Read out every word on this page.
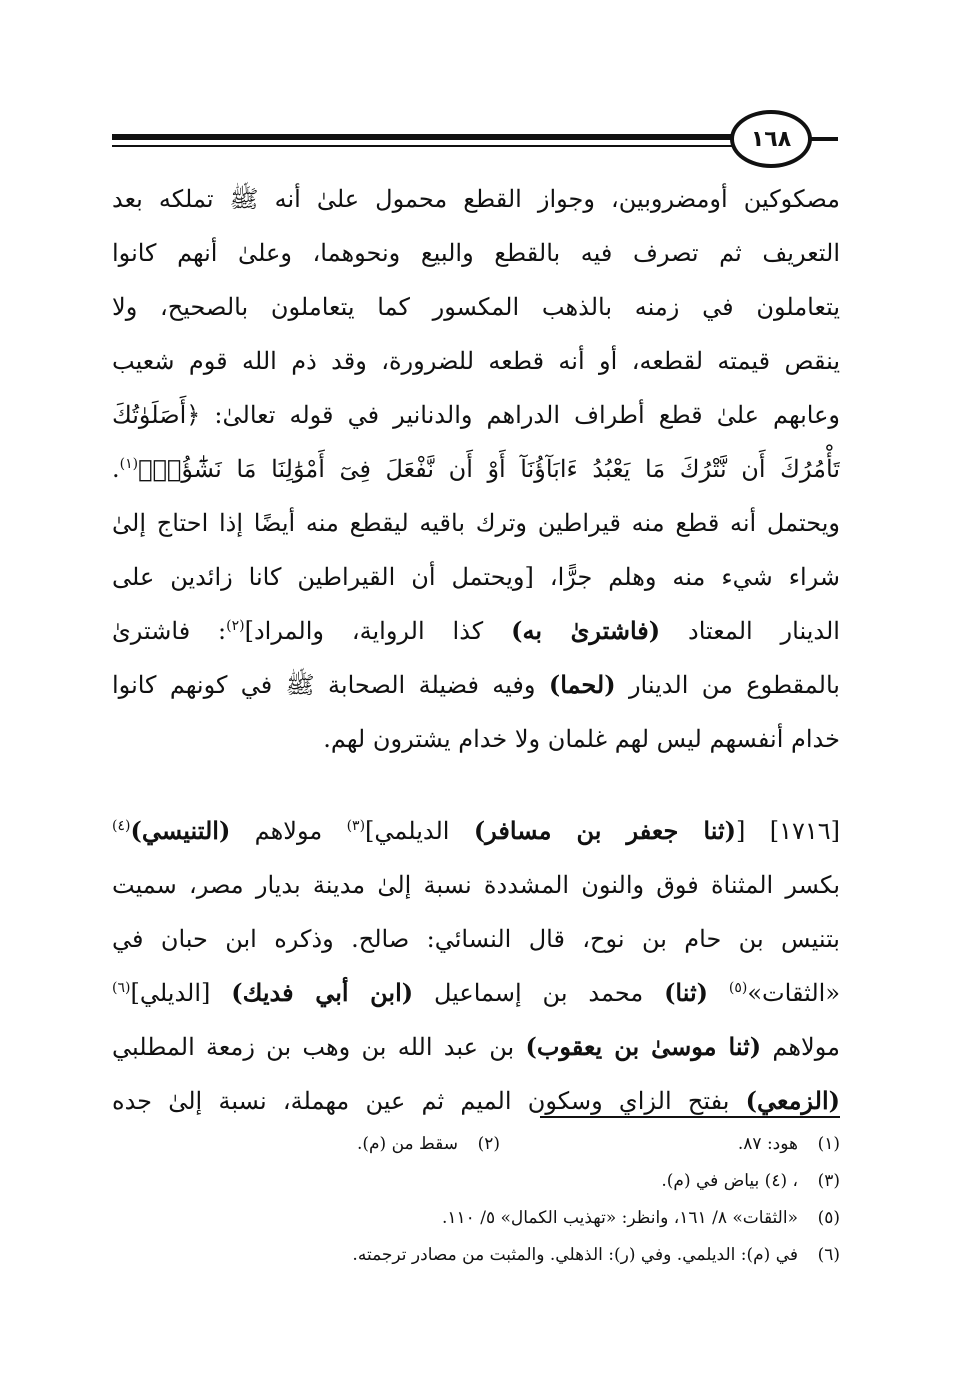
١٦٨

مصكوكين أومضروبين، وجواز القطع محمول علىٰ أنه ﷺ تملكه بعد
التعريف ثم تصرف فيه بالقطع والبيع ونحوهما، وعلىٰ أنهم كانوا
يتعاملون في زمنه بالذهب المكسور كما يتعاملون بالصحيح، ولا
ينقص قيمته لقطعه، أو أنه قطعه للضرورة، وقد ذم الله قوم شعيب
وعابهم علىٰ قطع أطراف الدراهم والدنانير في قوله تعالىٰ: ﴿أَصَلَوٰتُكَ
تَأْمُرُكَ أَن نَّتْرُكَ مَا يَعْبُدُ ءَابَآؤُنَآ أَوْ أَن نَّفْعَلَ فِىٓ أَمْوَٰلِنَا مَا نَشَٰٓؤُا۟﴾$^{(١)}$.
ويحتمل أنه قطع منه قيراطين وترك باقيه ليقطع منه أيضًا إذا احتاج إلىٰ
شراء شيء منه وهلم جرًّا، [ويحتمل أن القيراطين كانا زائدين على
الدينار المعتاد (فاشترىٰ به) كذا الرواية، والمراد]$^{(٢)}$: فاشترىٰ
بالمقطوع من الدينار (لحما) وفيه فضيلة الصحابة ﷺ في كونهم كانوا
خدام أنفسهم ليس لهم غلمان ولا خدام يشترون لهم.

[١٧١٦] [(ثنا جعفر بن مسافر) الديلمي]$^{(٣)}$ مولاهم (التنيسي)$^{(٤)}$
بكسر المثناة فوق والنون المشددة نسبة إلىٰ مدينة بديار مصر، سميت
بتنيس بن حام بن نوح، قال النسائي: صالح. وذكره ابن حبان في
«الثقات»$^{(٥)}$ (ثنا) محمد بن إسماعيل (ابن أبي فديك) [الديلي]$^{(٦)}$
مولاهم (ثنا موسىٰ بن يعقوب) بن عبد الله بن وهب بن زمعة المطلبي
(الزمعي) بفتح الزاي وسكون الميم ثم عين مهملة، نسبة إلىٰ جده

(١)هود: ٨٧.
(٢)سقط من (م).
(٣)، (٤) بياض في (م).
(٥)«الثقات» ٨/ ١٦١، وانظر: «تهذيب الكمال» ٥/ ١١٠.
(٦)في (م): الديلمي. وفي (ر): الذهلي. والمثبت من مصادر ترجمته.
